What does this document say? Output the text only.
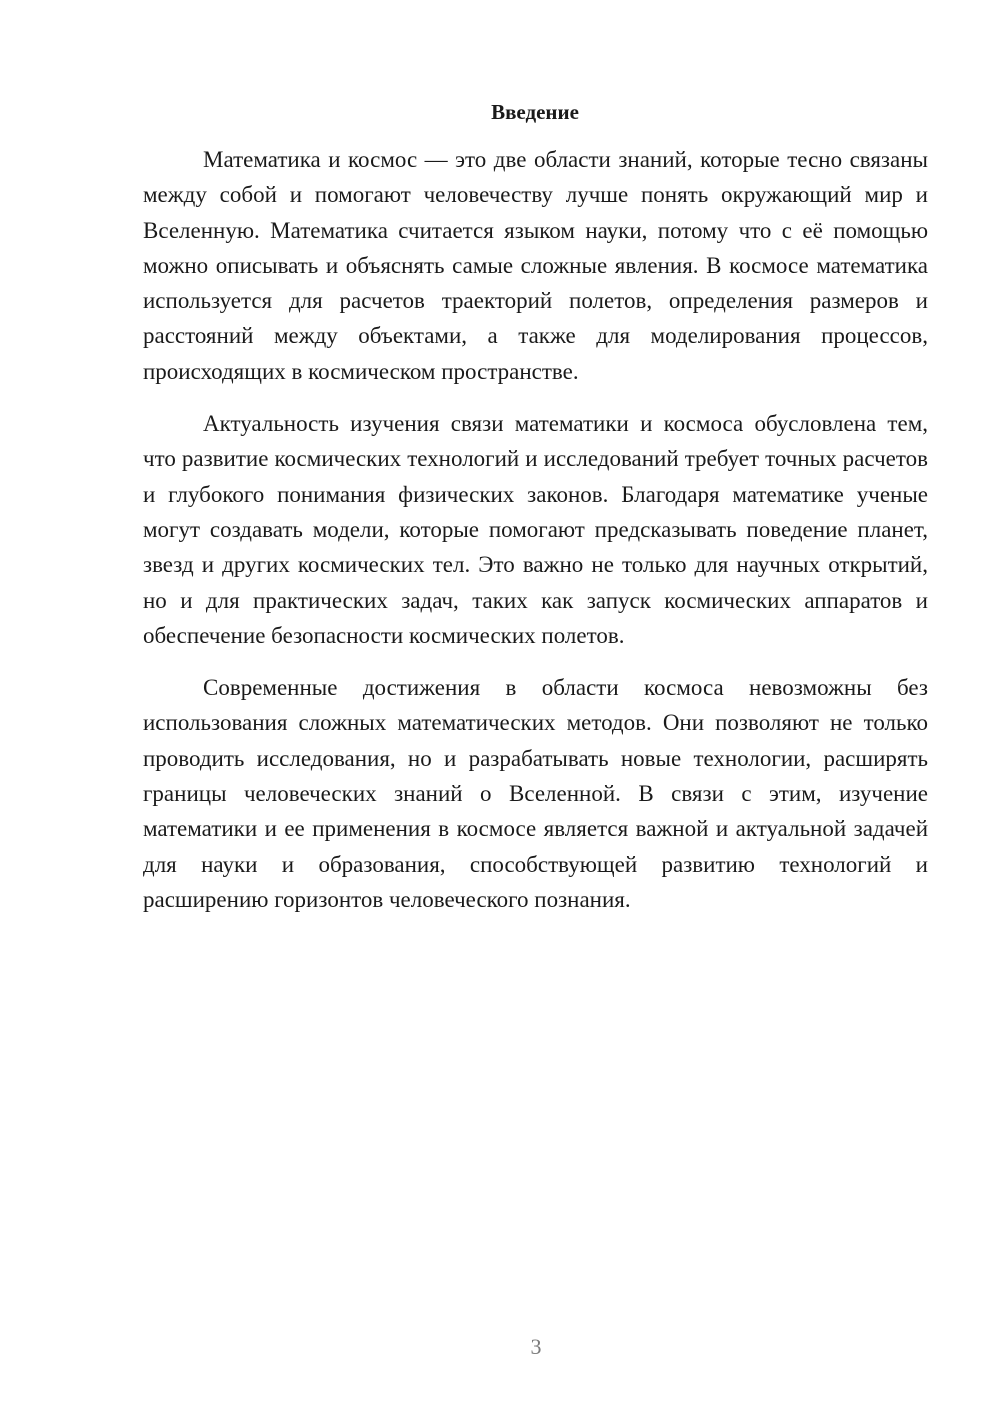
Введение

Математика и космос — это две области знаний, которые тесно связаны между собой и помогают человечеству лучше понять окружающий мир и Вселенную. Математика считается языком науки, потому что с её помощью можно описывать и объяснять самые сложные явления. В космосе математика используется для расчетов траекторий полетов, определения размеров и расстояний между объектами, а также для моделирования процессов, происходящих в космическом пространстве.

Актуальность изучения связи математики и космоса обусловлена тем, что развитие космических технологий и исследований требует точных расчетов и глубокого понимания физических законов. Благодаря математике ученые могут создавать модели, которые помогают предсказывать поведение планет, звезд и других космических тел. Это важно не только для научных открытий, но и для практических задач, таких как запуск космических аппаратов и обеспечение безопасности космических полетов.

Современные достижения в области космоса невозможны без использования сложных математических методов. Они позволяют не только проводить исследования, но и разрабатывать новые технологии, расширять границы человеческих знаний о Вселенной. В связи с этим, изучение математики и ее применения в космосе является важной и актуальной задачей для науки и образования, способствующей развитию технологий и расширению горизонтов человеческого познания.

3
